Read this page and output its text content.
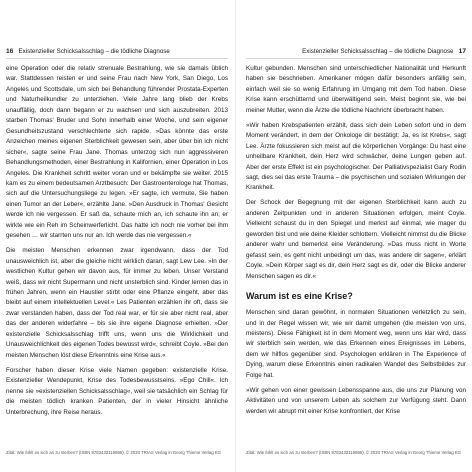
16 Existenzieller Schicksalsschlag – die tödliche Diagnose

eine Operation oder die relativ strenuale Bestrahlung, wie sie damals üblich war. Stattdessen reisten er und seine Frau nach New York, San Diego, Los Angeles und Scottsdale, um sich bei Behandlung führender Prostata-Experten und Naturheilkundler zu unterziehen. Viele Jahre lang blieb der Krebs unauffällig, doch dann begann er zu wachsen und sich auszubreiten. 2013 starben Thomas' Bruder und Sohn innerhalb einer Woche, und sein eigener Gesundheitszustand verschlechterte sich rapide. »Das könnte das erste Anzeichen meines eigenen Sterblichkeit gewesen sein, aber über bin ich nicht sicher«, sagte seine Frau Jane. Thomas unterzog sich nun aggressiveren Behandlungsmethoden, einer Bestrahlung in Kalifornien, einer Operation in Los Angeles. Die Krankheit schritt weiter voran und er bekämpfte sie weiter. 2015 kam es zu einem bedeutsamen Arztbesuch: Der Gastroenterologe hat Thomas, sich auf die Untersuchungsliege zu legen. »Er sagte, ich vermute, Sie haben einen Tumor an der Leber«, erzählte Jane. »Den Ausdruck in Thomas' Gesicht werde ich nie vergessen. Er saß da, schaute mich an, ich schaute ihn an; er wirkte wie ein Reh im Scheinwerferlicht. Das hatte ich noch nie vorher bei ihm gesehen … wir starrten uns nur an. Ich werde das nie vergessen.«

Die meisten Menschen erkennen zwar irgendwann, dass der Tod unausweichlich ist, aber die gleiche nicht wirklich daran, sagt Lew Lee. »In der westlichen Kultur gehen wir davon aus, für immer zu leben. Unser Verstand weiß, dass wir nicht Supermann und nicht unsterblich sind. Kinder lernen das in frühen Jahren, wenn ein Haustier stirbt oder eine Pflanze eingeht, aber das bleibt auf einem intellektuellen Level.« Les Patienten erzählen ihr oft, dass sie zwar verstanden haben, dass der Tod real war, er für sie aber nicht real, aber das der anderen widerfahre – bis sie ihre eigene Diagnose erhielten. »Der existenzielle Schicksalsschlag trifft uns, wenn uns die Wirklichkeit und Unausweichlichkeit des eigenen Todes bewusst wird«, schreibt Coyle. »Bei den meisten Menschen löst diese Erkenntnis eine Krise aus.«

Forscher haben dieser Krise viele Namen gegeben: existenzielle Krise. Existenzieller Wendepunkt, Krise des Todesbewusstseins. »Ego Chill«. Ich nenne sie »existenziellen Schicksalsschlag«, weil sie tatsächlich ein Schlag für die meisten tödlich kranken Patienten, der in vieler Hinsicht ähnliche Unterbrechung, ihre Reise heraus.

Zitat: Wie fühlt es sich an zu sterben? (ISBN 9783432119896), © 2020 TRIAS Verlag in Georg Thieme Verlag KG
Existenzieller Schicksalsschlag – die tödliche Diagnose 17

Kultur gebunden. Menschen sind unterschiedlicher Nationalität und Herkunft haben sie beschrieben. Amerikaner mögen dafür besonders anfällig sein, einfach weil sie so wenig Erfahrung im Umgang mit dem Tod haben. Diese Krise kann erschütternd und überwältigend sein. Meist beginnt sie, wie bei meiner Mutter, wenn die Ärzte die tödliche Nachricht überbracht haben.

»Wir haben Krebspatienten erzählt, dass sich dein Leben sofort und in dem Moment verändert, in dem der Onkologe dir bestätigt: Ja, es ist Krebs«, sagt Lee. Ärzte fokussieren sich meist auf die körperlichen Vorgänge: Du hast eine unheilbare Krankheit, dein Herz wird schwächer, deine Lungen geben auf. Aber der erste Effekt ist ein psychologischer. Der Palliativspezialist Gary Rodin sagt, dies sei das erste Trauma – die psychischen und sozialen Wirkungen der Krankheit.

Der Schock der Begegnung mit der eigenen Sterblichkeit kann auch zu anderen Zeitpunkten und in anderen Situationen erfolgen, meint Coyle. Vielleicht schaust du in den Spiegel und merkst auf einmal, wie mager du geworden bist und wie deine Kleider schlottern. Vielleicht nimmst du die Blicke anderer wahr und bemerkst eine Veränderung. »Das muss nicht in Worte gefasst sein, es geht nicht unbedingt um das, was andere dir sagen«, erklärt Coyle. »Dein Körper sagt es dir, dein Herz sagt es dir, oder die Blicke anderer Menschen sagen es dir.«

Warum ist es eine Krise?

Menschen sind daran gewöhnt, in normalen Situationen verletzlich zu sein, und in der Regel wissen wir, wie wir damit umgehen (die meisten von uns, meistens). Diese Fähigkeit ist in dem Moment weg, wenn uns klar wird, dass wir sterblich sein werden, wie das Erkennen eines Ereignisses im Lebens, dem wir hilflos gegenüber sind. Psychologen erklären in The Experience of Dying, warum diese Erkenntnis einen radikalen Wandel des Selbstbildes zur Folge hat.

»Wir gehen von einer gewissen Lebensspanne aus, die uns zur Planung von Aktivitäten und von unserem Leben als solchem zur Verfügung steht. Dann werden wir abrupt mit einer Krise konfrontiert, der Krise

Zitat: Wie fühlt es sich an zu sterben? (ISBN 9783432119896), © 2020 TRIAS Verlag in Georg Thieme Verlag KG
